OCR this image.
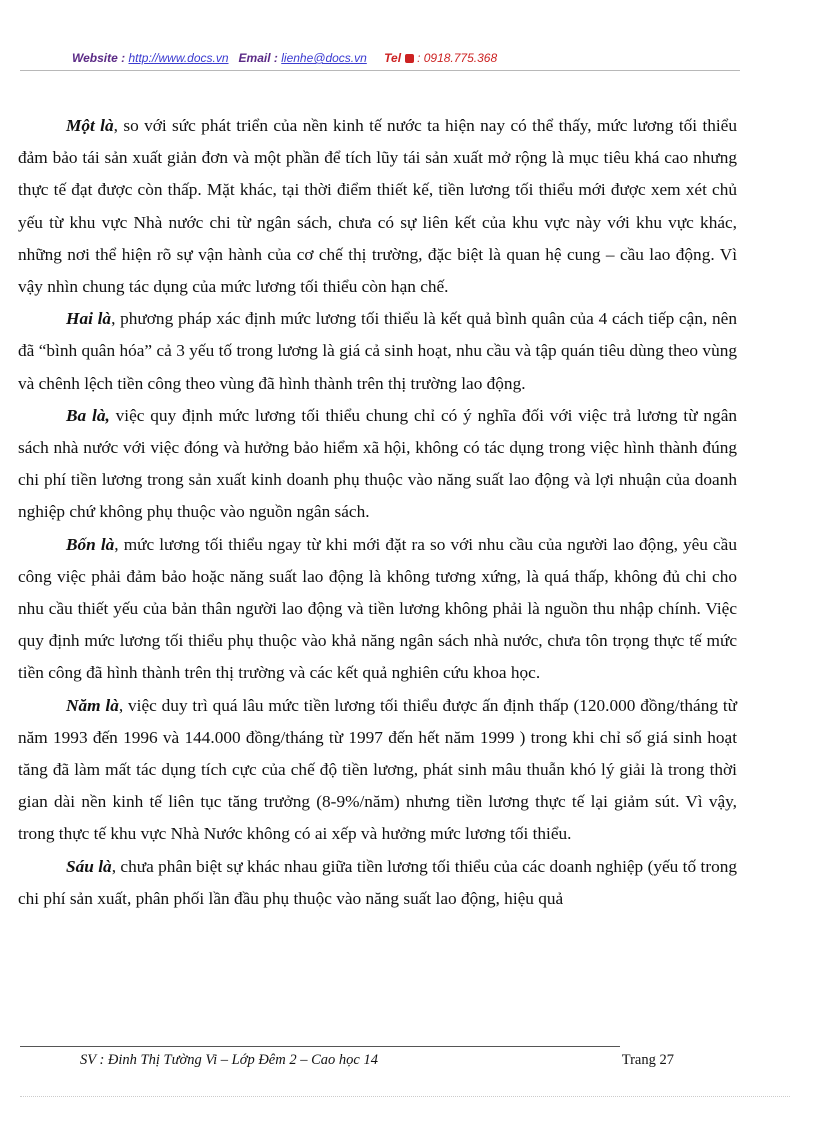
Website : http://www.docs.vn Email : lienhe@docs.vn Tel : 0918.775.368

Một là, so với sức phát triển của nền kinh tế nước ta hiện nay có thể thấy, mức lương tối thiểu đảm bảo tái sản xuất giản đơn và một phần để tích lũy tái sản xuất mở rộng là mục tiêu khá cao nhưng thực tế đạt được còn thấp. Mặt khác, tại thời điểm thiết kế, tiền lương tối thiểu mới được xem xét chủ yếu từ khu vực Nhà nước chi từ ngân sách, chưa có sự liên kết của khu vực này với khu vực khác, những nơi thể hiện rõ sự vận hành của cơ chế thị trường, đặc biệt là quan hệ cung – cầu lao động. Vì vậy nhìn chung tác dụng của mức lương tối thiểu còn hạn chế.

Hai là, phương pháp xác định mức lương tối thiểu là kết quả bình quân của 4 cách tiếp cận, nên đã “bình quân hóa” cả 3 yếu tố trong lương là giá cả sinh hoạt, nhu cầu và tập quán tiêu dùng theo vùng và chênh lệch tiền công theo vùng đã hình thành trên thị trường lao động.

Ba là, việc quy định mức lương tối thiểu chung chỉ có ý nghĩa đối với việc trả lương từ ngân sách nhà nước với việc đóng và hưởng bảo hiểm xã hội, không có tác dụng trong việc hình thành đúng chi phí tiền lương trong sản xuất kinh doanh phụ thuộc vào năng suất lao động và lợi nhuận của doanh nghiệp chứ không phụ thuộc vào nguồn ngân sách.

Bốn là, mức lương tối thiểu ngay từ khi mới đặt ra so với nhu cầu của người lao động, yêu cầu công việc phải đảm bảo hoặc năng suất lao động là không tương xứng, là quá thấp, không đủ chi cho nhu cầu thiết yếu của bản thân người lao động và tiền lương không phải là nguồn thu nhập chính. Việc quy định mức lương tối thiểu phụ thuộc vào khả năng ngân sách nhà nước, chưa tôn trọng thực tế mức tiền công đã hình thành trên thị trường và các kết quả nghiên cứu khoa học.

Năm là, việc duy trì quá lâu mức tiền lương tối thiểu được ấn định thấp (120.000 đồng/tháng từ năm 1993 đến 1996 và 144.000 đồng/tháng từ 1997 đến hết năm 1999 ) trong khi chỉ số giá sinh hoạt tăng đã làm mất tác dụng tích cực của chế độ tiền lương, phát sinh mâu thuẫn khó lý giải là trong thời gian dài nền kinh tế liên tục tăng trưởng (8-9%/năm) nhưng tiền lương thực tế lại giảm sút. Vì vậy, trong thực tế khu vực Nhà Nước không có ai xếp và hưởng mức lương tối thiểu.

Sáu là, chưa phân biệt sự khác nhau giữa tiền lương tối thiểu của các doanh nghiệp (yếu tố trong chi phí sản xuất, phân phối lần đầu phụ thuộc vào năng suất lao động, hiệu quả

SV : Đinh Thị Tường Vi – Lớp Đêm 2 – Cao học 14	Trang 27
